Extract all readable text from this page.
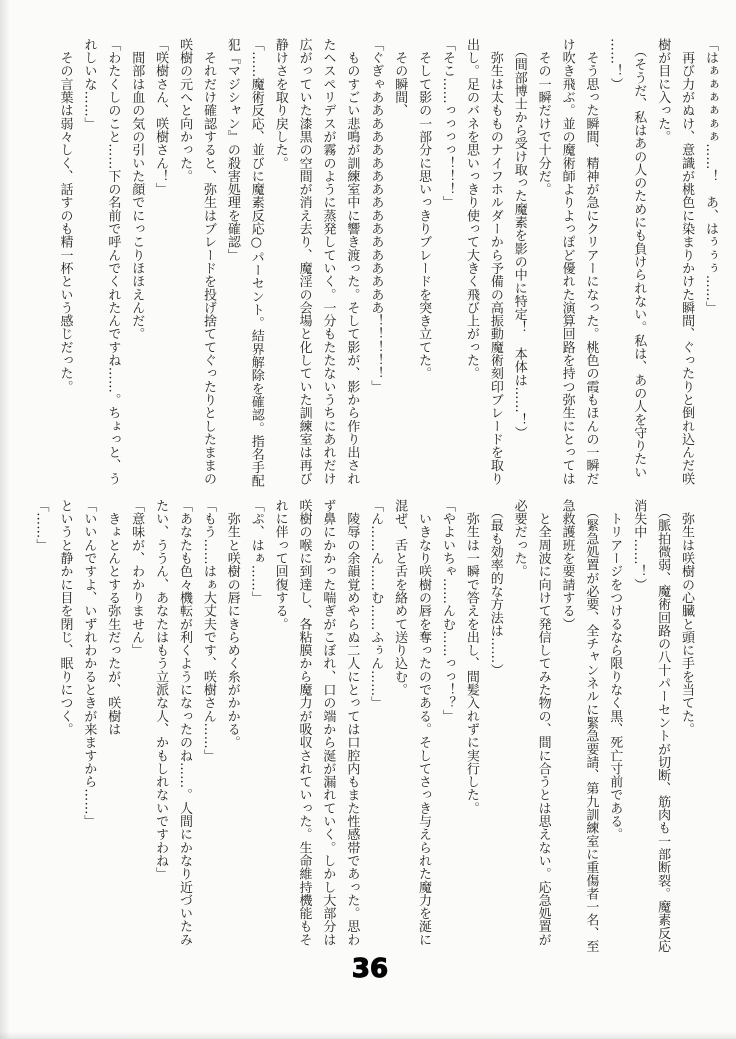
「はぁぁぁぁぁぁ……！　あ、はぅぅぅ……」
　再び力がぬけ、意識が桃色に染まりかけた瞬間、ぐったりと倒れ込んだ咲
樹が目に入った。
　（そうだ、私はあの人のためにも負けられない。私は、あの人を守りたい
……！）
　そう思った瞬間、精神が急にクリアーになった。桃色の霞もほんの一瞬だ
け吹き飛ぶ。並の魔術師よりよっぽど優れた演算回路を持つ弥生にとっては
　その一瞬だけで十分だ。
　（間部博士から受け取った魔素を影の中に特定！　本体は……！）
　弥生は太もものナイフホルダーから予備の高振動魔術刻印ブレードを取り
出し。足のバネを思いっきり使って大きく飛び上がった。
「そこ……っっっっ！！！」
　そして影の一部分に思いっきりブレードを突き立てた。
　その瞬間、
「ぐぎゃあああああああああああああああああ！！！！！」
　ものすごい悲鳴が訓練室中に響き渡った。そして影が、影から作り出され
たヘスペリデスが霧のように蒸発していく。一分もたたないうちにあれだけ
広がっていた漆黒の空間が消え去り、魔淫の会場と化していた訓練室は再び
静けさを取り戻した。
「……魔術反応、並びに魔素反応○パーセント。結界解除を確認。指名手配
犯『マジシャン』の殺害処理を確認」
　それだけ確認すると、弥生はブレードを投げ捨ててぐったりとしたままの
咲樹の元へと向かった。
「咲樹さん、咲樹さん！」
　間部は血の気の引いた顔でにっこりほほえんだ。
「わたくしのこと……下の名前で呼んでくれたんですね……。ちょっと、う
れしいな……」
　その言葉は弱々しく、話すのも精一杯という感じだった。
　弥生は咲樹の心臓と頭に手を当てた。
　（脈拍微弱、魔術回路の八十パーセントが切断、筋肉も一部断裂。魔素反応
消失中……！）
　トリアージをつけるなら限りなく黒、死亡寸前である。
　（緊急処置が必要、全チャンネルに緊急要請、第九訓練室に重傷者一名、至
急救護班を要請する）
　と全周波に向けて発信してみた物の、間に合うとは思えない。応急処置が
必要だった。
　（最も効率的な方法は……）
　弥生は一瞬で答えを出し、間髪入れずに実行した。
「やよいちゃ……んむ……っっ！？」
　いきなり咲樹の唇を奪ったのである。そしてさっき与えられた魔力を涎に
混ぜ、舌と舌を絡めて送り込む。
「ん……ん……む……ふぅん……」
　陵辱の余韻覚めやらぬ二人にとっては口腔内もまた性感帯であった。思わ
ず鼻にかかった喘ぎがこぼれ、口の端から涎が漏れていく。しかし大部分は
咲樹の喉に到達し、各粘膜から魔力が吸収されていった。生命維持機能もそ
れに伴って回復する。
「ぷ、はぁ……」
　弥生と咲樹の唇にきらめく糸がかかる。
「もう……はぁ大丈夫です、咲樹さん……」
「あなたも色々機転が利くようになったのね……。人間にかなり近づいたみ
たい、ううん、あなたはもう立派な人、かもしれないですわね」
「意味が、わかりません」
　きょとんとする弥生だったが、咲樹は
「いいんですよ、いずれわかるときが来ますから……」
というと静かに目を閉じ、眠りにつく。
「……」
36
